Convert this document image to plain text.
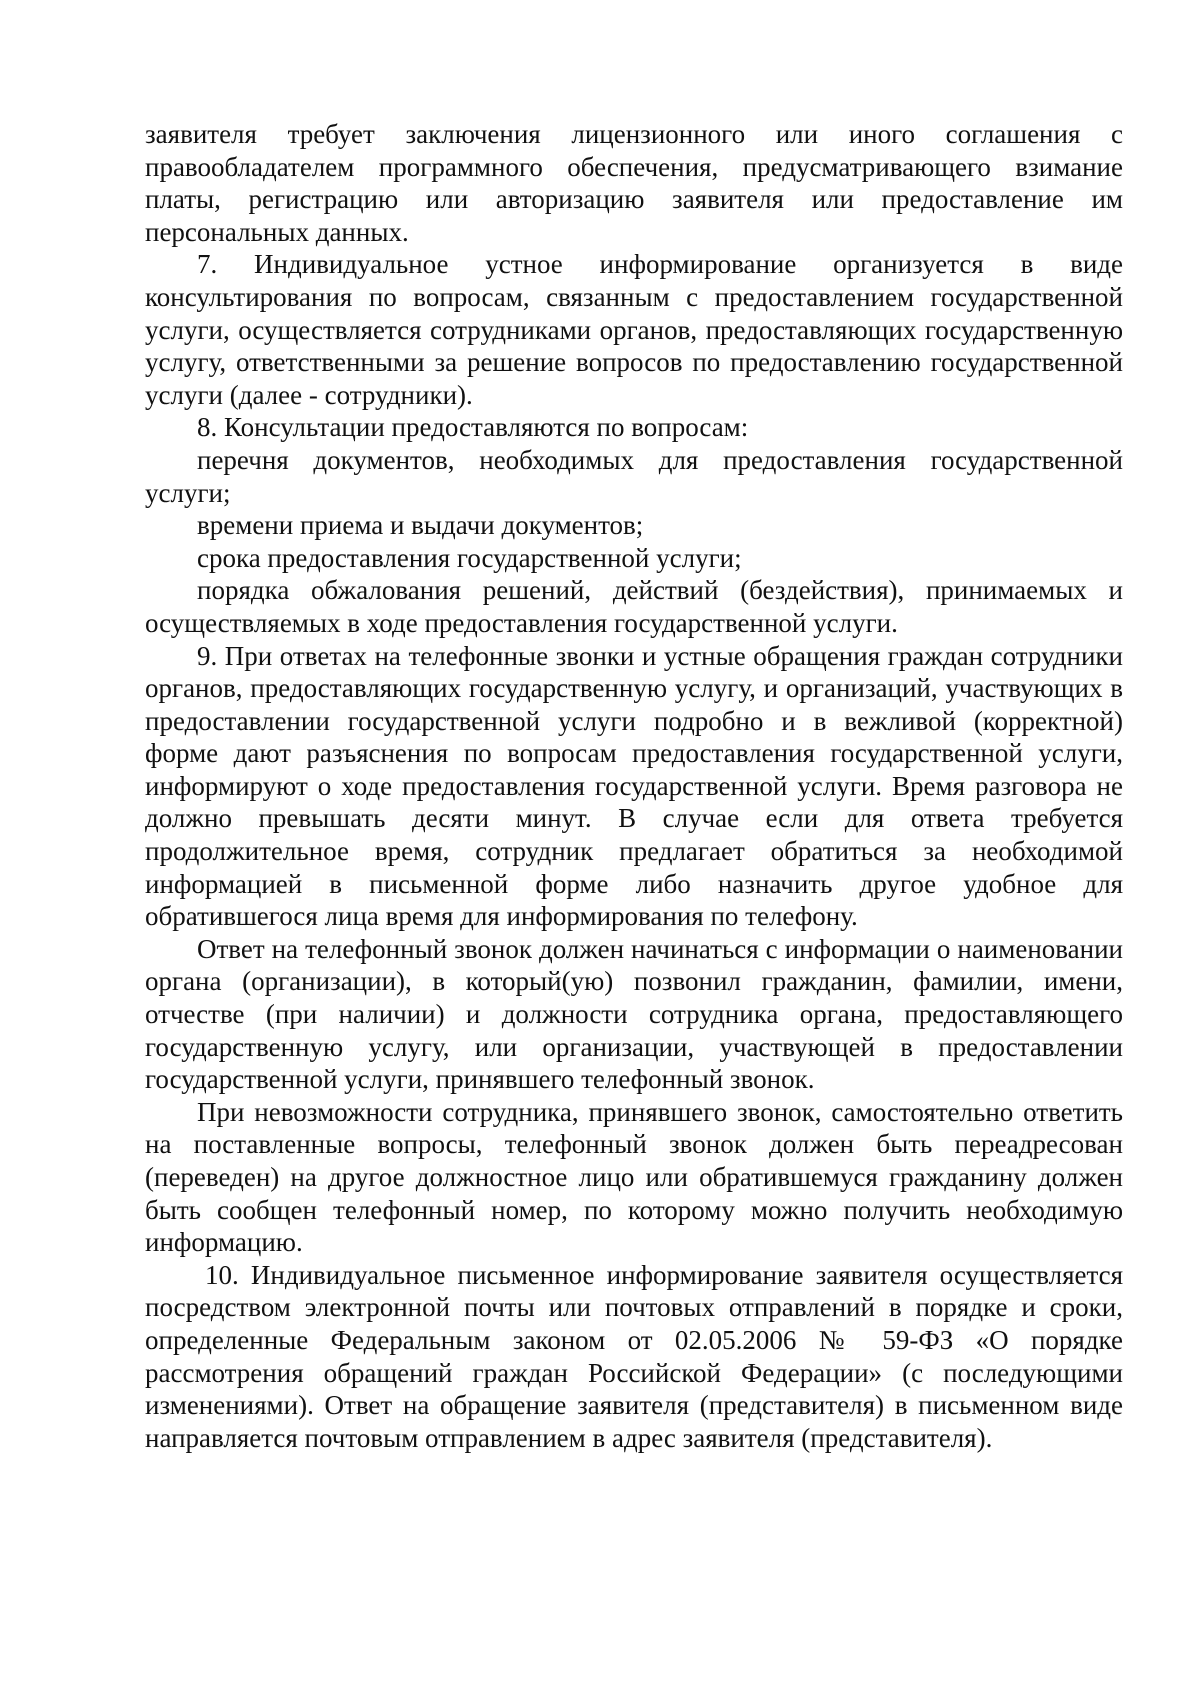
заявителя требует заключения лицензионного или иного соглашения с правообладателем программного обеспечения, предусматривающего взимание платы, регистрацию или авторизацию заявителя или предоставление им персональных данных.

7. Индивидуальное устное информирование организуется в виде консультирования по вопросам, связанным с предоставлением государственной услуги, осуществляется сотрудниками органов, предоставляющих государственную услугу, ответственными за решение вопросов по предоставлению государственной услуги (далее - сотрудники).

8. Консультации предоставляются по вопросам:

перечня документов, необходимых для предоставления государственной услуги;

времени приема и выдачи документов;

срока предоставления государственной услуги;

порядка обжалования решений, действий (бездействия), принимаемых и осуществляемых в ходе предоставления государственной услуги.

9. При ответах на телефонные звонки и устные обращения граждан сотрудники органов, предоставляющих государственную услугу, и организаций, участвующих в предоставлении государственной услуги подробно и в вежливой (корректной) форме дают разъяснения по вопросам предоставления государственной услуги, информируют о ходе предоставления государственной услуги. Время разговора не должно превышать десяти минут. В случае если для ответа требуется продолжительное время, сотрудник предлагает обратиться за необходимой информацией в письменной форме либо назначить другое удобное для обратившегося лица время для информирования по телефону.

Ответ на телефонный звонок должен начинаться с информации о наименовании органа (организации), в который(ую) позвонил гражданин, фамилии, имени, отчестве (при наличии) и должности сотрудника органа, предоставляющего государственную услугу, или организации, участвующей в предоставлении государственной услуги, принявшего телефонный звонок.

При невозможности сотрудника, принявшего звонок, самостоятельно ответить на поставленные вопросы, телефонный звонок должен быть переадресован (переведен) на другое должностное лицо или обратившемуся гражданину должен быть сообщен телефонный номер, по которому можно получить необходимую информацию.

10. Индивидуальное письменное информирование заявителя осуществляется посредством электронной почты или почтовых отправлений в порядке и сроки, определенные Федеральным законом от 02.05.2006 № 59-ФЗ «О порядке рассмотрения обращений граждан Российской Федерации» (с последующими изменениями). Ответ на обращение заявителя (представителя) в письменном виде направляется почтовым отправлением в адрес заявителя (представителя).
